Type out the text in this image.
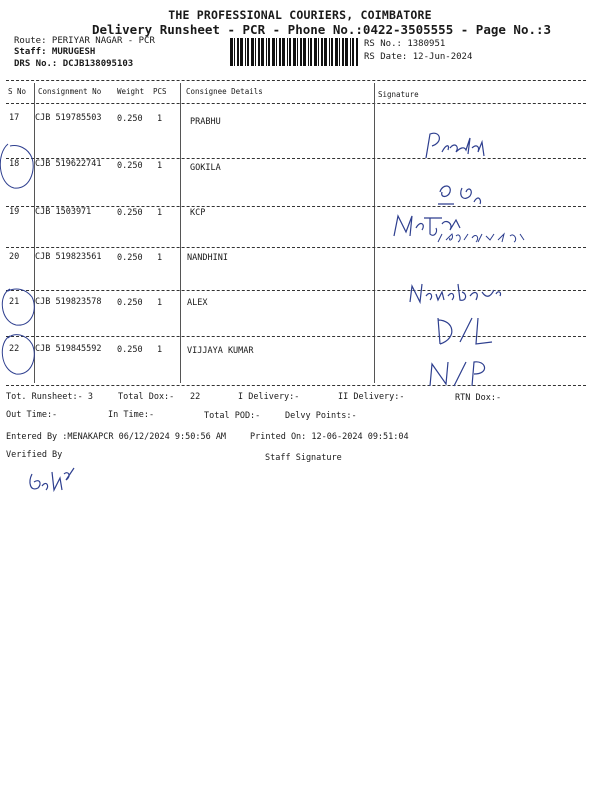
THE PROFESSIONAL COURIERS, COIMBATORE
Delivery Runsheet - PCR - Phone No.:0422-3505555 - Page No.:3
Route: PERIYAR NAGAR - PCR
Staff: MURUGESH
DRS No.: DCJB138095103
RS No.: 1380951
RS Date: 12-Jun-2024
S No Consignment No Weight PCS	Consignee Details	Signature
17 CJB 519785503 0.250 1	PRABHU
18 CJB 519622741 0.250 1	GOKILA
19 CJB 1503971	0.250 1	KCP
20 CJB 519823561 0.250 1	NANDHINI
21 CJB 519823578 0.250 1	ALEX
22 CJB 519845592 0.250 1	VIJJAYA KUMAR
Tot. Runsheet:- 3	Total Dox:- 22	I Delivery:-	II Delivery:-	RTN Dox:-
Out Time:-	In Time:-	Total POD:-	Delvy Points:-
Entered By :MENAKAPCR 06/12/2024 9:50:56 AM	Printed On: 12-06-2024 09:51:04
Verified By	Staff Signature
